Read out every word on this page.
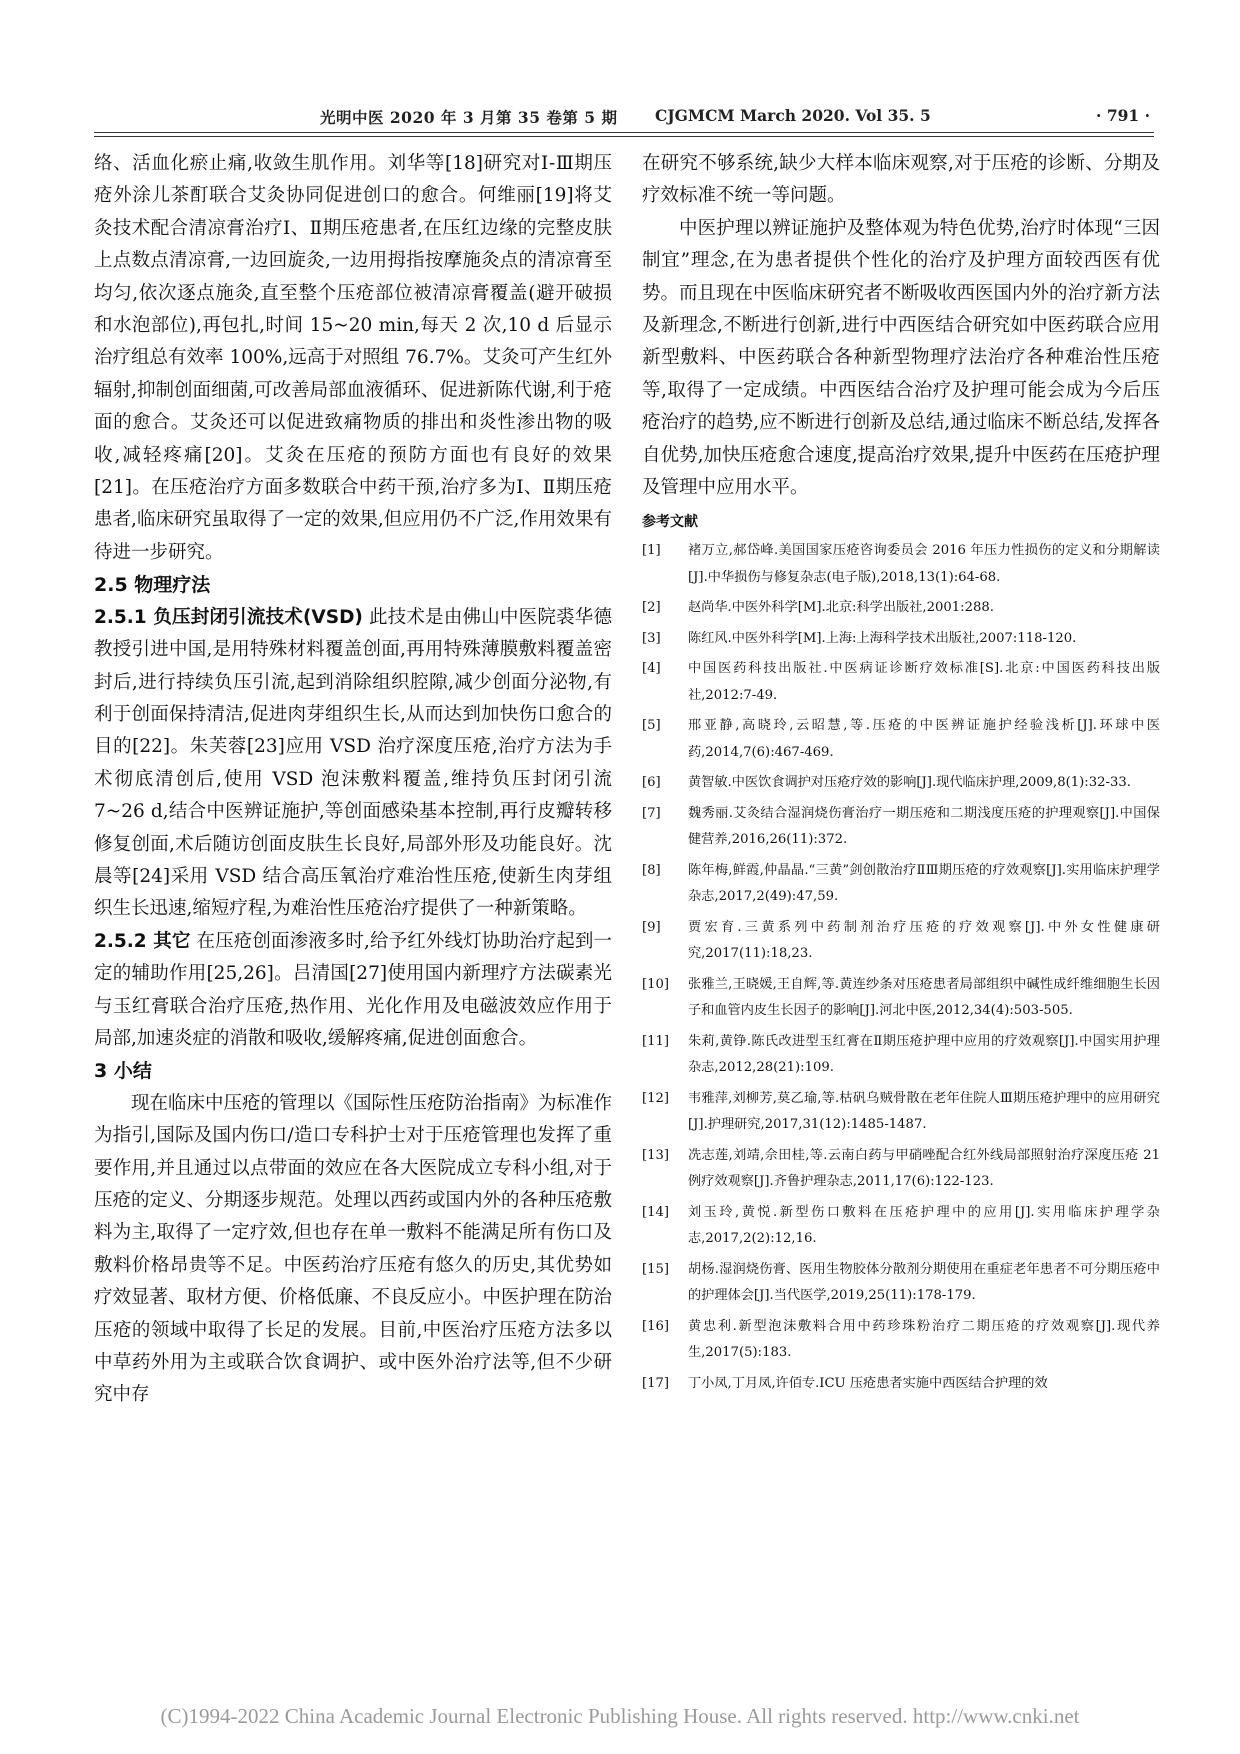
光明中医 2020 年 3 月第 35 卷第 5 期 CJGMCM March 2020. Vol 35. 5	· 791 ·

络、活血化瘀止痛,收敛生肌作用。刘华等[18]研究对Ⅰ-Ⅲ期压疮外涂儿茶酊联合艾灸协同促进创口的愈合。何维丽[19]将艾灸技术配合清凉膏治疗Ⅰ、Ⅱ期压疮患者,在压红边缘的完整皮肤上点数点清凉膏,一边回旋灸,一边用拇指按摩施灸点的清凉膏至均匀,依次逐点施灸,直至整个压疮部位被清凉膏覆盖(避开破损和水泡部位),再包扎,时间 15~20 min,每天 2 次,10 d 后显示治疗组总有效率 100%,远高于对照组 76.7%。艾灸可产生红外辐射,抑制创面细菌,可改善局部血液循环、促进新陈代谢,利于疮面的愈合。艾灸还可以促进致痛物质的排出和炎性渗出物的吸收,减轻疼痛[20]。艾灸在压疮的预防方面也有良好的效果[21]。在压疮治疗方面多数联合中药干预,治疗多为Ⅰ、Ⅱ期压疮患者,临床研究虽取得了一定的效果,但应用仍不广泛,作用效果有待进一步研究。

2.5 物理疗法

2.5.1 负压封闭引流技术(VSD) 此技术是由佛山中医院裘华德教授引进中国,是用特殊材料覆盖创面,再用特殊薄膜敷料覆盖密封后,进行持续负压引流,起到消除组织腔隙,减少创面分泌物,有利于创面保持清洁,促进肉芽组织生长,从而达到加快伤口愈合的目的[22]。朱芙蓉[23]应用 VSD 治疗深度压疮,治疗方法为手术彻底清创后,使用 VSD 泡沫敷料覆盖,维持负压封闭引流 7~26 d,结合中医辨证施护,等创面感染基本控制,再行皮瓣转移修复创面,术后随访创面皮肤生长良好,局部外形及功能良好。沈晨等[24]采用 VSD 结合高压氧治疗难治性压疮,使新生肉芽组织生长迅速,缩短疗程,为难治性压疮治疗提供了一种新策略。

2.5.2 其它 在压疮创面渗液多时,给予红外线灯协助治疗起到一定的辅助作用[25,26]。吕清国[27]使用国内新理疗方法碳素光与玉红膏联合治疗压疮,热作用、光化作用及电磁波效应作用于局部,加速炎症的消散和吸收,缓解疼痛,促进创面愈合。

3 小结

现在临床中压疮的管理以《国际性压疮防治指南》为标准作为指引,国际及国内伤口/造口专科护士对于压疮管理也发挥了重要作用,并且通过以点带面的效应在各大医院成立专科小组,对于压疮的定义、分期逐步规范。处理以西药或国内外的各种压疮敷料为主,取得了一定疗效,但也存在单一敷料不能满足所有伤口及敷料价格昂贵等不足。中医药治疗压疮有悠久的历史,其优势如疗效显著、取材方便、价格低廉、不良反应小。中医护理在防治压疮的领域中取得了长足的发展。目前,中医治疗压疮方法多以中草药外用为主或联合饮食调护、或中医外治疗法等,但不少研究中存

在研究不够系统,缺少大样本临床观察,对于压疮的诊断、分期及疗效标准不统一等问题。

中医护理以辨证施护及整体观为特色优势,治疗时体现“三因制宜”理念,在为患者提供个性化的治疗及护理方面较西医有优势。而且现在中医临床研究者不断吸收西医国内外的治疗新方法及新理念,不断进行创新,进行中西医结合研究如中医药联合应用新型敷料、中医药联合各种新型物理疗法治疗各种难治性压疮等,取得了一定成绩。中西医结合治疗及护理可能会成为今后压疮治疗的趋势,应不断进行创新及总结,通过临床不断总结,发挥各自优势,加快压疮愈合速度,提高治疗效果,提升中医药在压疮护理及管理中应用水平。

参考文献

[1]	褚万立,郝岱峰.美国国家压疮咨询委员会 2016 年压力性损伤的定义和分期解读[J].中华损伤与修复杂志(电子版),2018,13(1):64-68.
[2]	赵尚华.中医外科学[M].北京:科学出版社,2001:288.
[3]	陈红风.中医外科学[M].上海:上海科学技术出版社,2007:118-120.
[4]	中国医药科技出版社.中医病证诊断疗效标准[S].北京:中国医药科技出版社,2012:7-49.
[5]	邢亚静,高晓玲,云昭慧,等.压疮的中医辨证施护经验浅析[J].环球中医药,2014,7(6):467-469.
[6]	黄智敏.中医饮食调护对压疮疗效的影响[J].现代临床护理,2009,8(1):32-33.
[7]	魏秀丽.艾灸结合湿润烧伤膏治疗一期压疮和二期浅度压疮的护理观察[J].中国保健营养,2016,26(11):372.
[8]	陈年梅,鲜霞,仲晶晶.“三黄”剑创散治疗ⅡⅢ期压疮的疗效观察[J].实用临床护理学杂志,2017,2(49):47,59.
[9]	贾宏育.三黄系列中药制剂治疗压疮的疗效观察[J].中外女性健康研究,2017(11):18,23.
[10]	张雅兰,王晓媛,王自辉,等.黄连纱条对压疮患者局部组织中碱性成纤维细胞生长因子和血管内皮生长因子的影响[J].河北中医,2012,34(4):503-505.
[11]	朱莉,黄铮.陈氏改进型玉红膏在Ⅱ期压疮护理中应用的疗效观察[J].中国实用护理杂志,2012,28(21):109.
[12]	韦雅萍,刘柳芳,莫乙瑜,等.枯矾乌贼骨散在老年住院人Ⅲ期压疮护理中的应用研究[J].护理研究,2017,31(12):1485-1487.
[13]	冼志莲,刘靖,佘田桂,等.云南白药与甲硝唑配合红外线局部照射治疗深度压疮 21 例疗效观察[J].齐鲁护理杂志,2011,17(6):122-123.
[14]	刘玉玲,黄悦.新型伤口敷料在压疮护理中的应用[J].实用临床护理学杂志,2017,2(2):12,16.
[15]	胡杨.湿润烧伤膏、医用生物胶体分散剂分期使用在重症老年患者不可分期压疮中的护理体会[J].当代医学,2019,25(11):178-179.
[16]	黄忠利.新型泡沫敷料合用中药珍珠粉治疗二期压疮的疗效观察[J].现代养生,2017(5):183.
[17]	丁小凤,丁月凤,许佰专.ICU 压疮患者实施中西医结合护理的效
(C)1994-2022 China Academic Journal Electronic Publishing House. All rights reserved. http://www.cnki.net
